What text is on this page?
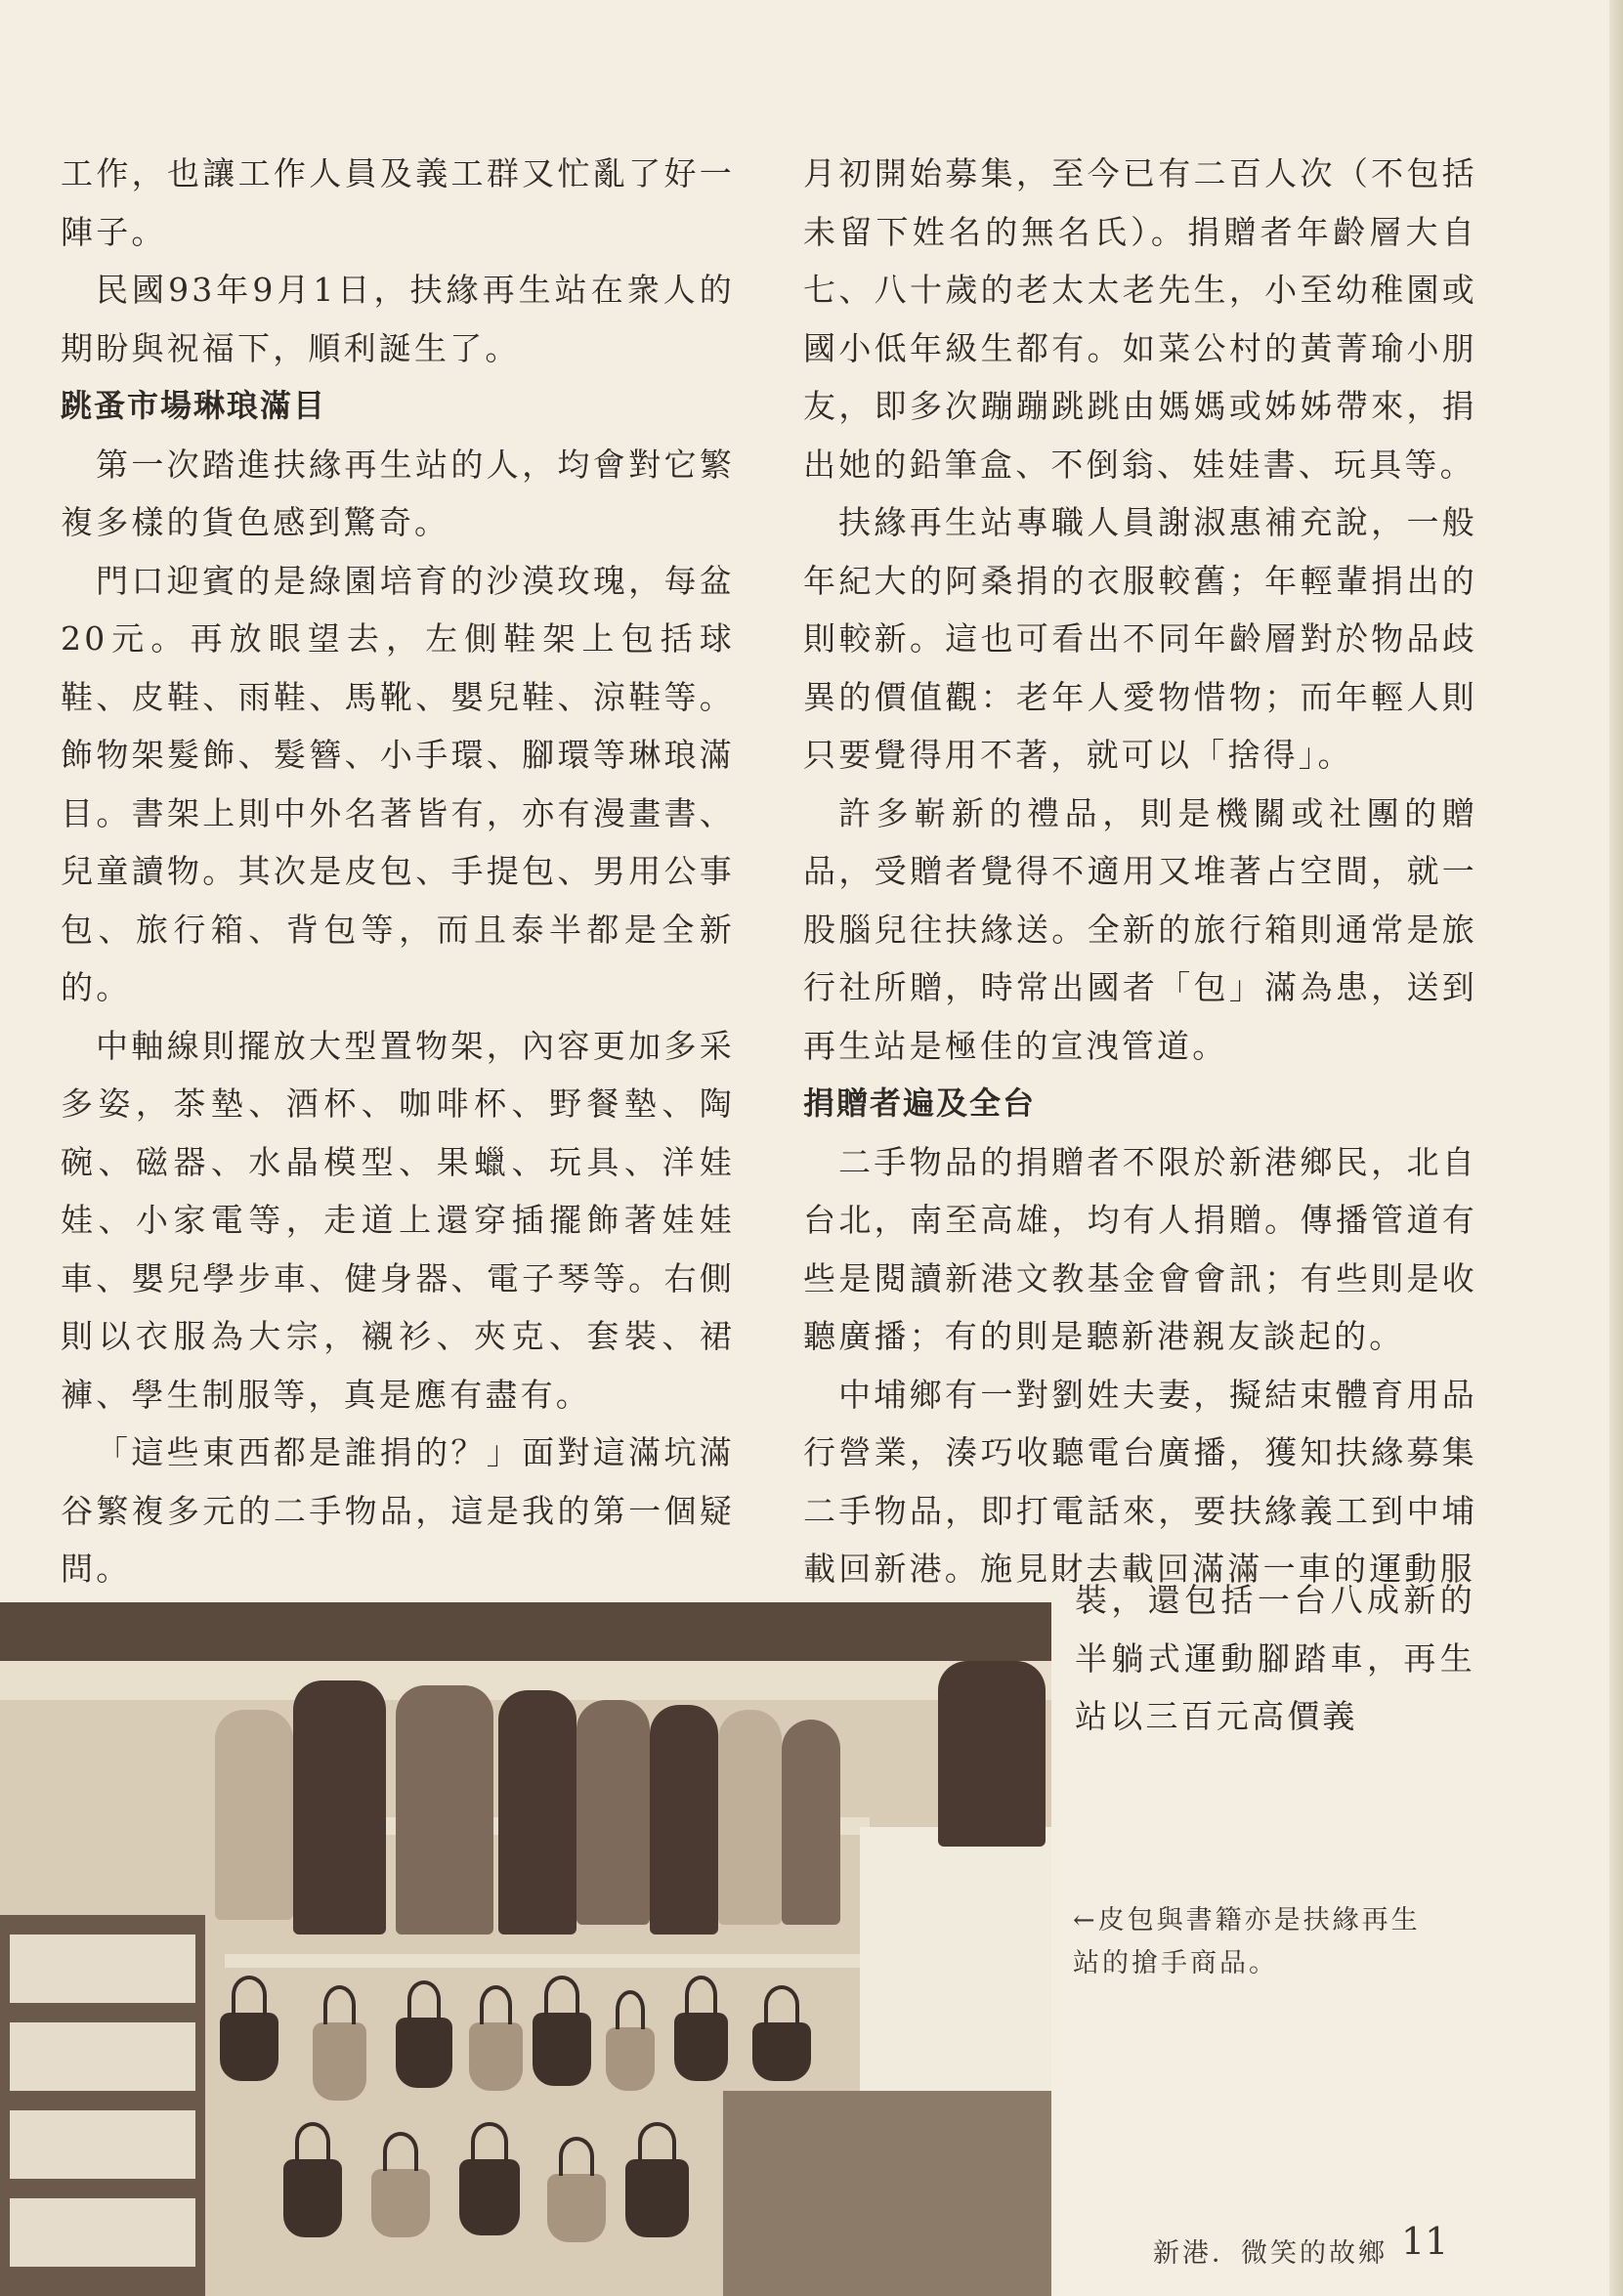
工作，也讓工作人員及義工群又忙亂了好一陣子。

民國93年9月1日，扶緣再生站在衆人的期盼與祝福下，順利誕生了。

跳蚤市場琳琅滿目

第一次踏進扶緣再生站的人，均會對它繁複多樣的貨色感到驚奇。

門口迎賓的是綠園培育的沙漠玫瑰，每盆20元。再放眼望去，左側鞋架上包括球鞋、皮鞋、雨鞋、馬靴、嬰兒鞋、涼鞋等。飾物架髮飾、髮簪、小手環、腳環等琳琅滿目。書架上則中外名著皆有，亦有漫畫書、兒童讀物。其次是皮包、手提包、男用公事包、旅行箱、背包等，而且泰半都是全新的。

中軸線則擺放大型置物架，內容更加多采多姿，茶墊、酒杯、咖啡杯、野餐墊、陶碗、磁器、水晶模型、果蠟、玩具、洋娃娃、小家電等，走道上還穿插擺飾著娃娃車、嬰兒學步車、健身器、電子琴等。右側則以衣服為大宗，襯衫、夾克、套裝、裙褲、學生制服等，真是應有盡有。

「這些東西都是誰捐的？」面對這滿坑滿谷繁複多元的二手物品，這是我的第一個疑問。

月初開始募集，至今已有二百人次（不包括未留下姓名的無名氏）。捐贈者年齡層大自七、八十歲的老太太老先生，小至幼稚園或國小低年級生都有。如菜公村的黃菁瑜小朋友，即多次蹦蹦跳跳由媽媽或姊姊帶來，捐出她的鉛筆盒、不倒翁、娃娃書、玩具等。

扶緣再生站專職人員謝淑惠補充說，一般年紀大的阿桑捐的衣服較舊；年輕輩捐出的則較新。這也可看出不同年齡層對於物品歧異的價值觀：老年人愛物惜物；而年輕人則只要覺得用不著，就可以「捨得」。

許多嶄新的禮品，則是機關或社團的贈品，受贈者覺得不適用又堆著占空間，就一股腦兒往扶緣送。全新的旅行箱則通常是旅行社所贈，時常出國者「包」滿為患，送到再生站是極佳的宣洩管道。

捐贈者遍及全台

二手物品的捐贈者不限於新港鄉民，北自台北，南至高雄，均有人捐贈。傳播管道有些是閱讀新港文教基金會會訊；有些則是收聽廣播；有的則是聽新港親友談起的。

中埔鄉有一對劉姓夫妻，擬結束體育用品行營業，湊巧收聽電台廣播，獲知扶緣募集二手物品，即打電話來，要扶緣義工到中埔載回新港。施見財去載回滿滿一車的運動服

裝，還包括一台八成新的半躺式運動腳踏車，再生站以三百元高價義

←皮包與書籍亦是扶緣再生站的搶手商品。
新港．微笑的故鄉 11
